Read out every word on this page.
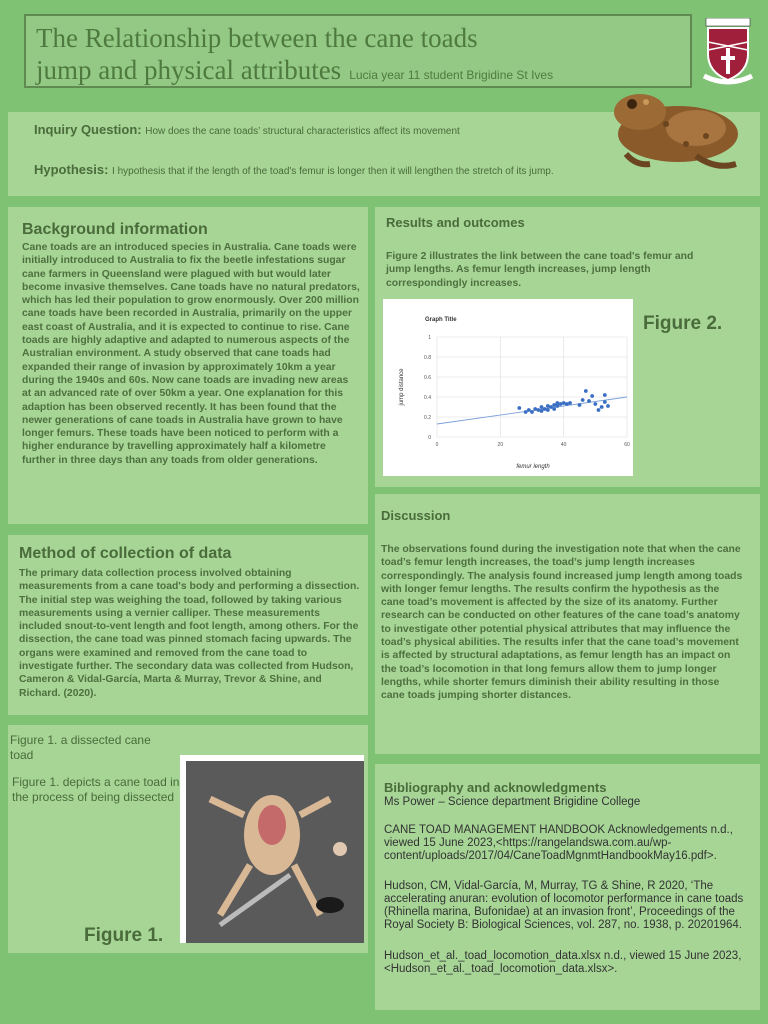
The Relationship between the cane toads
jump and physical attributes Lucia year 11 student Brigidine St Ives
Inquiry Question: How does the cane toads’ structural characteristics affect its movement
Hypothesis: I hypothesis that if the length of the toad's femur is longer then it will lengthen the stretch of its jump.
Background information
Cane toads are an introduced species in Australia. Cane toads were initially introduced to Australia to fix the beetle infestations sugar cane farmers in Queensland were plagued with but would later become invasive themselves. Cane toads have no natural predators, which has led their population to grow enormously. Over 200 million cane toads have been recorded in Australia, primarily on the upper east coast of Australia, and it is expected to continue to rise. Cane toads are highly adaptive and adapted to numerous aspects of the Australian environment. A study observed that cane toads had expanded their range of invasion by approximately 10km a year during the 1940s and 60s. Now cane toads are invading new areas at an advanced rate of over 50km a year. One explanation for this adaption has been observed recently. It has been found that the newer generations of cane toads in Australia have grown to have longer femurs. These toads have been noticed to perform with a higher endurance by travelling approximately half a kilometre further in three days than any toads from older generations.
Method of collection of data
The primary data collection process involved obtaining measurements from a cane toad's body and performing a dissection. The initial step was weighing the toad, followed by taking various measurements using a vernier calliper. These measurements included snout-to-vent length and foot length, among others. For the dissection, the cane toad was pinned stomach facing upwards. The organs were examined and removed from the cane toad to investigate further. The secondary data was collected from Hudson, Cameron & Vidal-García, Marta & Murray, Trevor & Shine, and Richard. (2020).
Figure 1. a dissected cane toad
Figure 1. depicts a cane toad in the process of being dissected
Figure 1.
Results and outcomes
Figure 2 illustrates the link between the cane toad's femur and jump lengths. As femur length increases, jump length correspondingly increases.
Graph Title
femur length
jump distance
0
0.2
0.4
0.6
0.8
1
0	20	40	60
Figure 2.
Discussion
The observations found during the investigation note that when the cane toad’s femur length increases, the toad’s jump length increases correspondingly. The analysis found increased jump length among toads with longer femur lengths. The results confirm the hypothesis as the cane toad’s movement is affected by the size of its anatomy. Further research can be conducted on other features of the cane toad’s anatomy to investigate other potential physical attributes that may influence the toad’s physical abilities. The results infer that the cane toad’s movement is affected by structural adaptations, as femur length has an impact on the toad’s locomotion in that long femurs allow them to jump longer lengths, while shorter femurs diminish their ability resulting in those cane toads jumping shorter distances.
Bibliography and acknowledgments
Ms Power – Science department Brigidine College
CANE TOAD MANAGEMENT HANDBOOK Acknowledgements n.d., viewed 15 June 2023,<https://rangelandswa.com.au/wp-content/uploads/2017/04/CaneToadMgnmtHandbookMay16.pdf>.
Hudson, CM, Vidal-García, M, Murray, TG & Shine, R 2020, ‘The accelerating anuran: evolution of locomotor performance in cane toads (Rhinella marina, Bufonidae) at an invasion front’, Proceedings of the Royal Society B: Biological Sciences, vol. 287, no. 1938, p. 20201964.
Hudson_et_al._toad_locomotion_data.xlsx n.d., viewed 15 June 2023, <Hudson_et_al._toad_locomotion_data.xlsx>.
